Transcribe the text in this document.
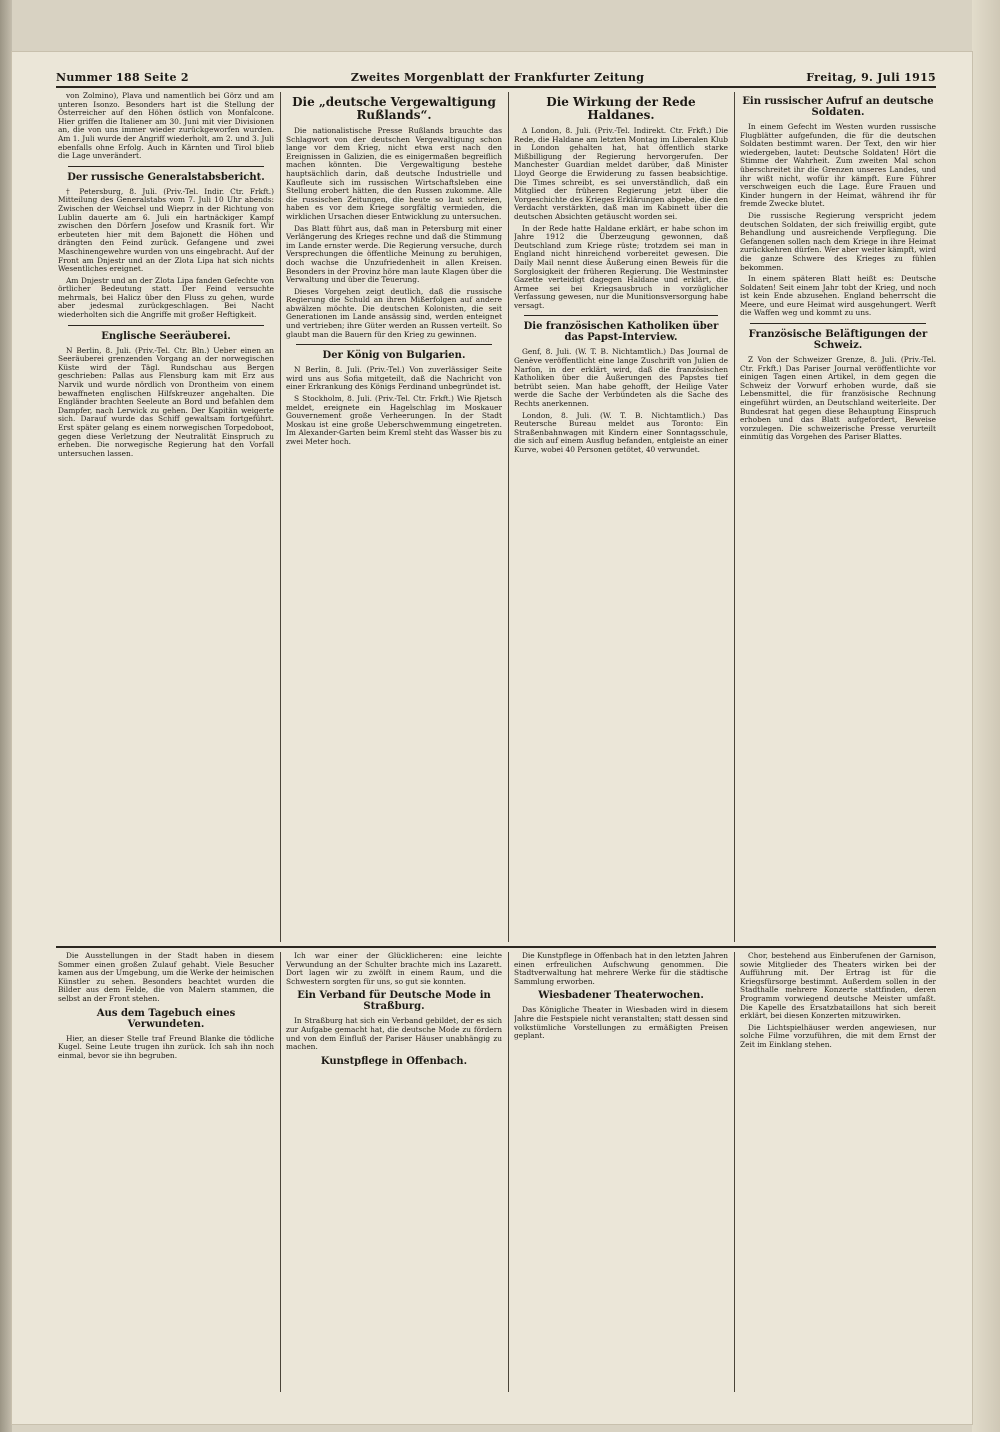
Nummer 188 Seite 2	Zweites Morgenblatt der Frankfurter Zeitung	Freitag, 9. Juli 1915

von Zolmino), Plava und namentlich bei Görz und am unteren Isonzo. Besonders hart ist die Stellung der Österreicher auf den Höhen östlich von Monfalcone. Hier griffen die Italiener am 30. Juni mit vier Divisionen an, die von uns immer wieder zurückgeworfen wurden. Am 1. Juli wurde der Angriff wiederholt, am 2. und 3. Juli ebenfalls ohne Erfolg. Auch in Kärnten und Tirol blieb die Lage unverändert.

Der russische Generalstabsbericht.

† Petersburg, 8. Juli. (Priv.-Tel. Indir. Ctr. Frkft.) Mitteilung des Generalstabs vom 7. Juli 10 Uhr abends: Zwischen der Weichsel und Wieprz in der Richtung von Lublin dauerte am 6. Juli ein hartnäckiger Kampf zwischen den Dörfern Josefow und Krasnik fort. Wir erbeuteten hier mit dem Bajonett die Höhen und drängten den Feind zurück. Gefangene und zwei Maschinengewehre wurden von uns eingebracht. Auf der Front am Dnjestr und an der Zlota Lipa hat sich nichts Wesentliches ereignet.

Am Dnjestr und an der Zlota Lipa fanden Gefechte von örtlicher Bedeutung statt. Der Feind versuchte mehrmals, bei Halicz über den Fluss zu gehen, wurde aber jedesmal zurückgeschlagen. Bei Nacht wiederholten sich die Angriffe mit großer Heftigkeit.

Englische Seeräuberei.

N Berlin, 8. Juli. (Priv.-Tel. Ctr. Bln.) Ueber einen an Seeräuberei grenzenden Vorgang an der norwegischen Küste wird der Tägl. Rundschau aus Bergen geschrieben: Pallas aus Flensburg kam mit Erz aus Narvik und wurde nördlich von Drontheim von einem bewaffneten englischen Hilfskreuzer angehalten. Die Engländer brachten Seeleute an Bord und befahlen dem Dampfer, nach Lerwick zu gehen. Der Kapitän weigerte sich. Darauf wurde das Schiff gewaltsam fortgeführt. Erst später gelang es einem norwegischen Torpedoboot, gegen diese Verletzung der Neutralität Einspruch zu erheben. Die norwegische Regierung hat den Vorfall untersuchen lassen.

Die „deutsche Vergewaltigung Rußlands“.

Die nationalistische Presse Rußlands brauchte das Schlagwort von der deutschen Vergewaltigung schon lange vor dem Krieg, nicht etwa erst nach den Ereignissen in Galizien, die es einigermaßen begreiflich machen könnten. Die Vergewaltigung bestehe hauptsächlich darin, daß deutsche Industrielle und Kaufleute sich im russischen Wirtschaftsleben eine Stellung erobert hätten, die den Russen zukomme. Alle die russischen Zeitungen, die heute so laut schreien, haben es vor dem Kriege sorgfältig vermieden, die wirklichen Ursachen dieser Entwicklung zu untersuchen.

Das Blatt führt aus, daß man in Petersburg mit einer Verlängerung des Krieges rechne und daß die Stimmung im Lande ernster werde. Die Regierung versuche, durch Versprechungen die öffentliche Meinung zu beruhigen, doch wachse die Unzufriedenheit in allen Kreisen. Besonders in der Provinz höre man laute Klagen über die Verwaltung und über die Teuerung.

Dieses Vorgehen zeigt deutlich, daß die russische Regierung die Schuld an ihren Mißerfolgen auf andere abwälzen möchte. Die deutschen Kolonisten, die seit Generationen im Lande ansässig sind, werden enteignet und vertrieben; ihre Güter werden an Russen verteilt. So glaubt man die Bauern für den Krieg zu gewinnen.

Der König von Bulgarien.

N Berlin, 8. Juli. (Priv.-Tel.) Von zuverlässiger Seite wird uns aus Sofia mitgeteilt, daß die Nachricht von einer Erkrankung des Königs Ferdinand unbegründet ist.

S Stockholm, 8. Juli. (Priv.-Tel. Ctr. Frkft.) Wie Rjetsch meldet, ereignete ein Hagelschlag im Moskauer Gouvernement große Verheerungen. In der Stadt Moskau ist eine große Ueberschwemmung eingetreten. Im Alexander-Garten beim Kreml steht das Wasser bis zu zwei Meter hoch.

Die Wirkung der Rede Haldanes.

Δ London, 8. Juli. (Priv.-Tel. Indirekt. Ctr. Frkft.) Die Rede, die Haldane am letzten Montag im Liberalen Klub in London gehalten hat, hat öffentlich starke Mißbilligung der Regierung hervorgerufen. Der Manchester Guardian meldet darüber, daß Minister Lloyd George die Erwiderung zu fassen beabsichtige. Die Times schreibt, es sei unverständlich, daß ein Mitglied der früheren Regierung jetzt über die Vorgeschichte des Krieges Erklärungen abgebe, die den Verdacht verstärkten, daß man im Kabinett über die deutschen Absichten getäuscht worden sei.

In der Rede hatte Haldane erklärt, er habe schon im Jahre 1912 die Überzeugung gewonnen, daß Deutschland zum Kriege rüste; trotzdem sei man in England nicht hinreichend vorbereitet gewesen. Die Daily Mail nennt diese Äußerung einen Beweis für die Sorglosigkeit der früheren Regierung. Die Westminster Gazette verteidigt dagegen Haldane und erklärt, die Armee sei bei Kriegsausbruch in vorzüglicher Verfassung gewesen, nur die Munitionsversorgung habe versagt.

Die französischen Katholiken über das Papst-Interview.

Genf, 8. Juli. (W. T. B. Nichtamtlich.) Das Journal de Genève veröffentlicht eine lange Zuschrift von Julien de Narfon, in der erklärt wird, daß die französischen Katholiken über die Äußerungen des Papstes tief betrübt seien. Man habe gehofft, der Heilige Vater werde die Sache der Verbündeten als die Sache des Rechts anerkennen.

London, 8. Juli. (W. T. B. Nichtamtlich.) Das Reutersche Bureau meldet aus Toronto: Ein Straßenbahnwagen mit Kindern einer Sonntagsschule, die sich auf einem Ausflug befanden, entgleiste an einer Kurve, wobei 40 Personen getötet, 40 verwundet.

Ein russischer Aufruf an deutsche Soldaten.

In einem Gefecht im Westen wurden russische Flugblätter aufgefunden, die für die deutschen Soldaten bestimmt waren. Der Text, den wir hier wiedergeben, lautet: Deutsche Soldaten! Hört die Stimme der Wahrheit. Zum zweiten Mal schon überschreitet ihr die Grenzen unseres Landes, und ihr wißt nicht, wofür ihr kämpft. Eure Führer verschweigen euch die Lage. Eure Frauen und Kinder hungern in der Heimat, während ihr für fremde Zwecke blutet.

Die russische Regierung verspricht jedem deutschen Soldaten, der sich freiwillig ergibt, gute Behandlung und ausreichende Verpflegung. Die Gefangenen sollen nach dem Kriege in ihre Heimat zurückkehren dürfen. Wer aber weiter kämpft, wird die ganze Schwere des Krieges zu fühlen bekommen.

In einem späteren Blatt heißt es: Deutsche Soldaten! Seit einem Jahr tobt der Krieg, und noch ist kein Ende abzusehen. England beherrscht die Meere, und eure Heimat wird ausgehungert. Werft die Waffen weg und kommt zu uns.

Französische Beläftigungen der Schweiz.

Z Von der Schweizer Grenze, 8. Juli. (Priv.-Tel. Ctr. Frkft.) Das Pariser Journal veröffentlichte vor einigen Tagen einen Artikel, in dem gegen die Schweiz der Vorwurf erhoben wurde, daß sie Lebensmittel, die für französische Rechnung eingeführt würden, an Deutschland weiterleite. Der Bundesrat hat gegen diese Behauptung Einspruch erhoben und das Blatt aufgefordert, Beweise vorzulegen. Die schweizerische Presse verurteilt einmütig das Vorgehen des Pariser Blattes.

Die Ausstellungen in der Stadt haben in diesem Sommer einen großen Zulauf gehabt. Viele Besucher kamen aus der Umgebung, um die Werke der heimischen Künstler zu sehen. Besonders beachtet wurden die Bilder aus dem Felde, die von Malern stammen, die selbst an der Front stehen.

Aus dem Tagebuch eines Verwundeten.

Hier, an dieser Stelle traf Freund Blanke die tödliche Kugel. Seine Leute trugen ihn zurück. Ich sah ihn noch einmal, bevor sie ihn begruben.

Ich war einer der Glücklicheren: eine leichte Verwundung an der Schulter brachte mich ins Lazarett. Dort lagen wir zu zwölft in einem Raum, und die Schwestern sorgten für uns, so gut sie konnten.

Ein Verband für Deutsche Mode in Straßburg.

In Straßburg hat sich ein Verband gebildet, der es sich zur Aufgabe gemacht hat, die deutsche Mode zu fördern und von dem Einfluß der Pariser Häuser unabhängig zu machen.

Kunstpflege in Offenbach.

Die Kunstpflege in Offenbach hat in den letzten Jahren einen erfreulichen Aufschwung genommen. Die Stadtverwaltung hat mehrere Werke für die städtische Sammlung erworben.

Wiesbadener Theaterwochen.

Das Königliche Theater in Wiesbaden wird in diesem Jahre die Festspiele nicht veranstalten; statt dessen sind volkstümliche Vorstellungen zu ermäßigten Preisen geplant.

Chor, bestehend aus Einberufenen der Garnison, sowie Mitglieder des Theaters wirken bei der Aufführung mit. Der Ertrag ist für die Kriegsfürsorge bestimmt. Außerdem sollen in der Stadthalle mehrere Konzerte stattfinden, deren Programm vorwiegend deutsche Meister umfaßt. Die Kapelle des Ersatzbataillons hat sich bereit erklärt, bei diesen Konzerten mitzuwirken.

Die Lichtspielhäuser werden angewiesen, nur solche Filme vorzuführen, die mit dem Ernst der Zeit im Einklang stehen.
